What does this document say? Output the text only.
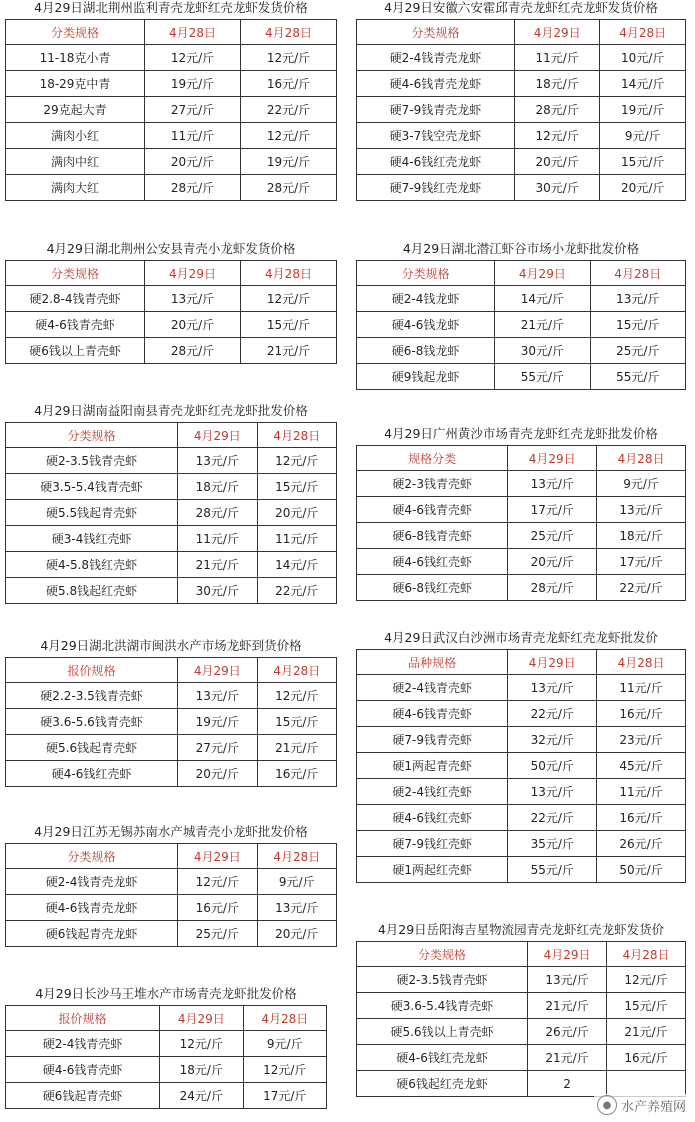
4月29日湖北荆州监利青壳龙虾红壳龙虾发货价格
分类规格	4月28日	4月28日
11-18克小青	12元/斤	12元/斤
18-29克中青	19元/斤	16元/斤
29克起大青	27元/斤	22元/斤
满肉小红	11元/斤	12元/斤
满肉中红	20元/斤	19元/斤
满肉大红	28元/斤	28元/斤
4月29日湖北荆州公安县青壳小龙虾发货价格
分类规格	4月29日	4月28日
硬2.8-4钱青壳虾	13元/斤	12元/斤
硬4-6钱青壳虾	20元/斤	15元/斤
硬6钱以上青壳虾	28元/斤	21元/斤
4月29日湖南益阳南县青壳龙虾红壳龙虾批发价格
分类规格	4月29日	4月28日
硬2-3.5钱青壳虾	13元/斤	12元/斤
硬3.5-5.4钱青壳虾	18元/斤	15元/斤
硬5.5钱起青壳虾	28元/斤	20元/斤
硬3-4钱红壳虾	11元/斤	11元/斤
硬4-5.8钱红壳虾	21元/斤	14元/斤
硬5.8钱起红壳虾	30元/斤	22元/斤
4月29日湖北洪湖市闽洪水产市场龙虾到货价格
报价规格	4月29日	4月28日
硬2.2-3.5钱青壳虾	13元/斤	12元/斤
硬3.6-5.6钱青壳虾	19元/斤	15元/斤
硬5.6钱起青壳虾	27元/斤	21元/斤
硬4-6钱红壳虾	20元/斤	16元/斤
4月29日江苏无锡苏南水产城青壳小龙虾批发价格
分类规格	4月29日	4月28日
硬2-4钱青壳龙虾	12元/斤	9元/斤
硬4-6钱青壳龙虾	16元/斤	13元/斤
硬6钱起青壳龙虾	25元/斤	20元/斤
4月29日长沙马王堆水产市场青壳龙虾批发价格
报价规格	4月29日	4月28日
硬2-4钱青壳虾	12元/斤	9元/斤
硬4-6钱青壳虾	18元/斤	12元/斤
硬6钱起青壳虾	24元/斤	17元/斤
4月29日安徽六安霍邱青壳龙虾红壳龙虾发货价格
分类规格	4月29日	4月28日
硬2-4钱青壳龙虾	11元/斤	10元/斤
硬4-6钱青壳龙虾	18元/斤	14元/斤
硬7-9钱青壳龙虾	28元/斤	19元/斤
硬3-7钱空壳龙虾	12元/斤	9元/斤
硬4-6钱红壳龙虾	20元/斤	15元/斤
硬7-9钱红壳龙虾	30元/斤	20元/斤
4月29日湖北潜江虾谷市场小龙虾批发价格
分类规格	4月29日	4月28日
硬2-4钱龙虾	14元/斤	13元/斤
硬4-6钱龙虾	21元/斤	15元/斤
硬6-8钱龙虾	30元/斤	25元/斤
硬9钱起龙虾	55元/斤	55元/斤
4月29日广州黄沙市场青壳龙虾红壳龙虾批发价格
规格分类	4月29日	4月28日
硬2-3钱青壳虾	13元/斤	9元/斤
硬4-6钱青壳虾	17元/斤	13元/斤
硬6-8钱青壳虾	25元/斤	18元/斤
硬4-6钱红壳虾	20元/斤	17元/斤
硬6-8钱红壳虾	28元/斤	22元/斤
4月29日武汉白沙洲市场青壳龙虾红壳龙虾批发价
品种规格	4月29日	4月28日
硬2-4钱青壳虾	13元/斤	11元/斤
硬4-6钱青壳虾	22元/斤	16元/斤
硬7-9钱青壳虾	32元/斤	23元/斤
硬1两起青壳虾	50元/斤	45元/斤
硬2-4钱红壳虾	13元/斤	11元/斤
硬4-6钱红壳虾	22元/斤	16元/斤
硬7-9钱红壳虾	35元/斤	26元/斤
硬1两起红壳虾	55元/斤	50元/斤
4月29日岳阳海吉星物流园青壳龙虾红壳龙虾发货价
分类规格	4月29日	4月28日
硬2-3.5钱青壳虾	13元/斤	12元/斤
硬3.6-5.4钱青壳虾	21元/斤	15元/斤
硬5.6钱以上青壳虾	26元/斤	21元/斤
硬4-6钱红壳龙虾	21元/斤	16元/斤
硬6钱起红壳龙虾	2	
● 水产养殖网
